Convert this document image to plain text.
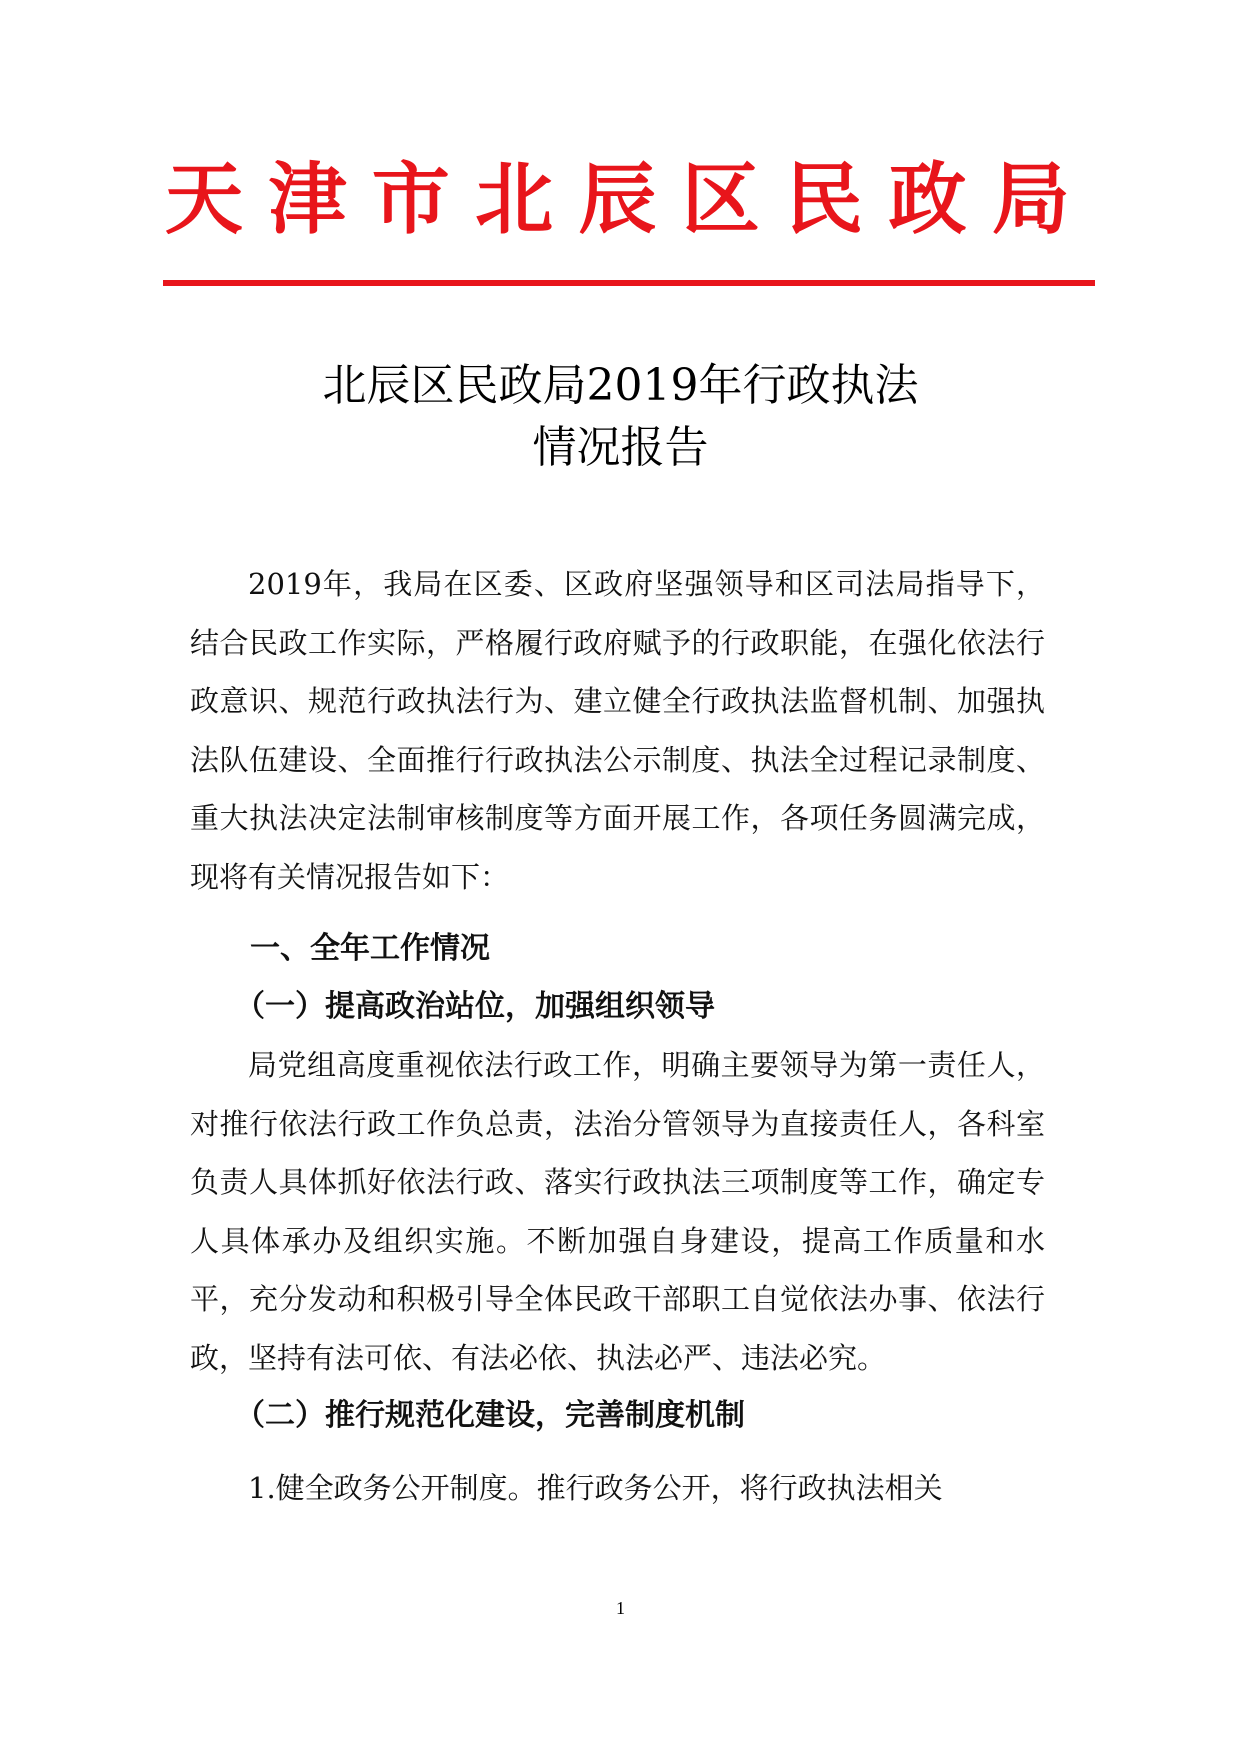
天 津 市 北 辰 区 民 政 局
北辰区民政局2019年行政执法
情况报告

2019年，我局在区委、区政府坚强领导和区司法局指导下，结合民政工作实际，严格履行政府赋予的行政职能，在强化依法行政意识、规范行政执法行为、建立健全行政执法监督机制、加强执法队伍建设、全面推行行政执法公示制度、执法全过程记录制度、重大执法决定法制审核制度等方面开展工作，各项任务圆满完成，现将有关情况报告如下：

一、全年工作情况

（一）提高政治站位，加强组织领导

局党组高度重视依法行政工作，明确主要领导为第一责任人，对推行依法行政工作负总责，法治分管领导为直接责任人，各科室负责人具体抓好依法行政、落实行政执法三项制度等工作，确定专人具体承办及组织实施。不断加强自身建设，提高工作质量和水平，充分发动和积极引导全体民政干部职工自觉依法办事、依法行政，坚持有法可依、有法必依、执法必严、违法必究。

（二）推行规范化建设，完善制度机制

1.健全政务公开制度。推行政务公开，将行政执法相关

1
